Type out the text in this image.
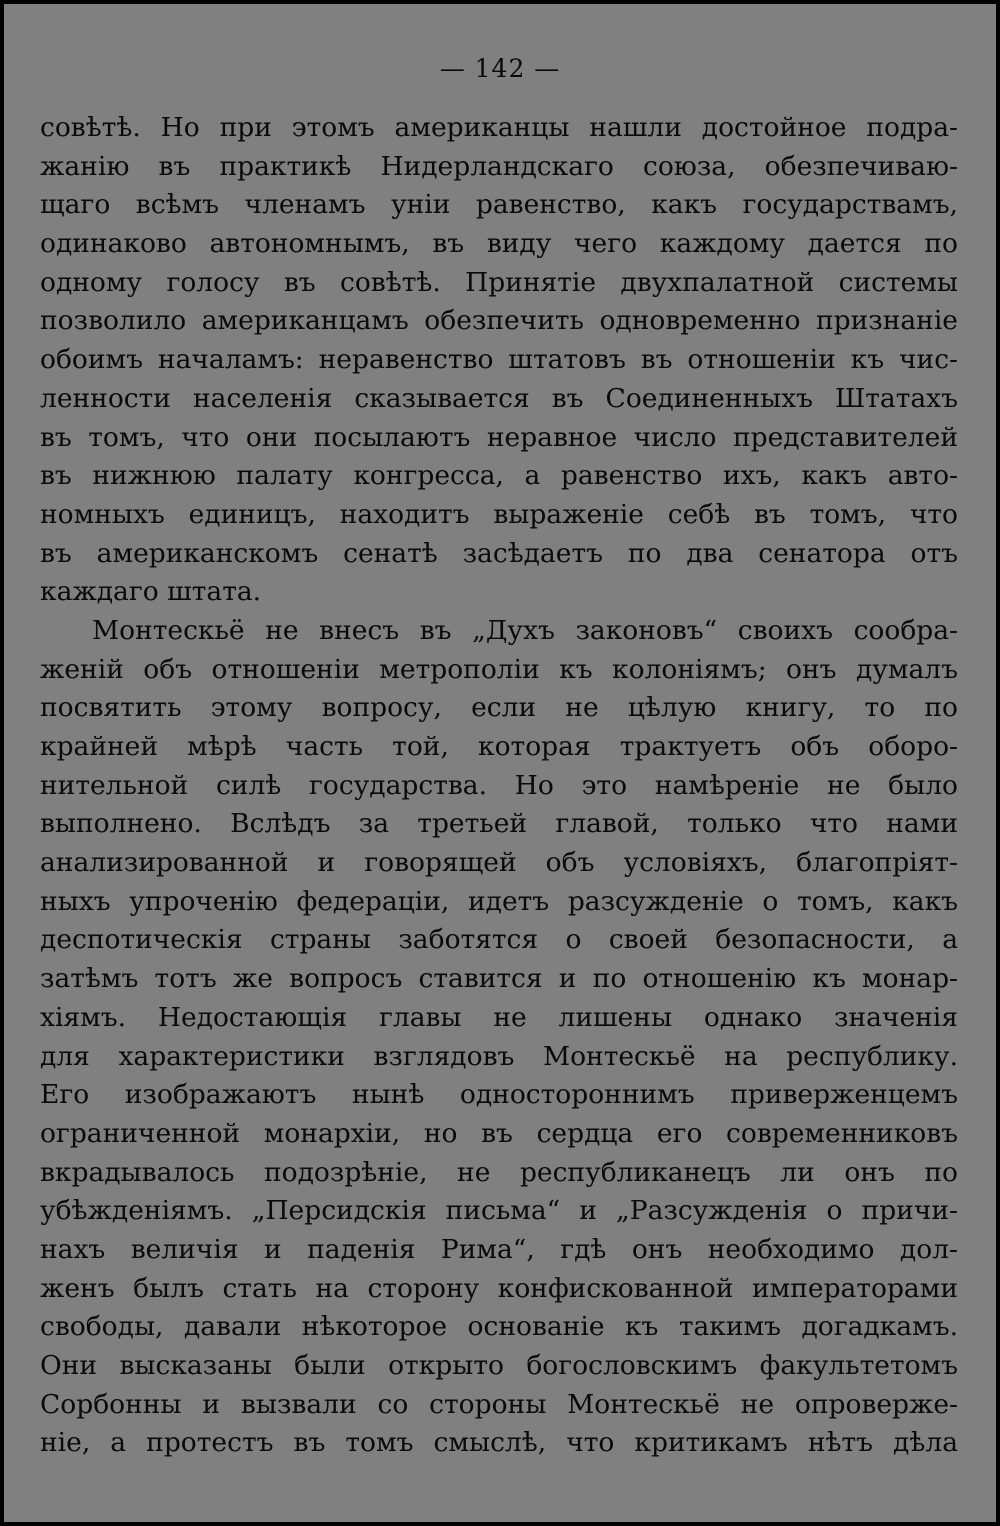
— 142 —
совѣтѣ. Но при этомъ американцы нашли достойное подра-
жанію въ практикѣ Нидерландскаго союза, обезпечиваю-
щаго всѣмъ членамъ уніи равенство, какъ государствамъ,
одинаково автономнымъ, въ виду чего каждому дается по
одному голосу въ совѣтѣ. Принятіе двухпалатной системы
позволило американцамъ обезпечить одновременно признаніе
обоимъ началамъ: неравенство штатовъ въ отношеніи къ чис-
ленности населенія сказывается въ Соединенныхъ Штатахъ
въ томъ, что они посылаютъ неравное число представителей
въ нижнюю палату конгресса, а равенство ихъ, какъ авто-
номныхъ единицъ, находитъ выраженіе себѣ въ томъ, что
въ американскомъ сенатѣ засѣдаетъ по два сенатора отъ
каждаго штата.
Монтескьё не внесъ въ „Духъ законовъ“ своихъ сообра-
женій объ отношеніи метрополіи къ колоніямъ; онъ думалъ
посвятить этому вопросу, если не цѣлую книгу, то по
крайней мѣрѣ часть той, которая трактуетъ объ оборо-
нительной силѣ государства. Но это намѣреніе не было
выполнено. Вслѣдъ за третьей главой, только что нами
анализированной и говорящей объ условіяхъ, благопріят-
ныхъ упроченію федераціи, идетъ разсужденіе о томъ, какъ
деспотическія страны заботятся о своей безопасности, а
затѣмъ тотъ же вопросъ ставится и по отношенію къ монар-
хіямъ. Недостающія главы не лишены однако значенія
для характеристики взглядовъ Монтескьё на республику.
Его изображаютъ нынѣ одностороннимъ приверженцемъ
ограниченной монархіи, но въ сердца его современниковъ
вкрадывалось подозрѣніе, не республиканецъ ли онъ по
убѣжденіямъ. „Персидскія письма“ и „Разсужденія о причи-
нахъ величія и паденія Рима“, гдѣ онъ необходимо дол-
женъ былъ стать на сторону конфискованной императорами
свободы, давали нѣкоторое основаніе къ такимъ догадкамъ.
Они высказаны были открыто богословскимъ факультетомъ
Сорбонны и вызвали со стороны Монтескьё не опроверже-
ніе, а протестъ въ томъ смыслѣ, что критикамъ нѣтъ дѣла
